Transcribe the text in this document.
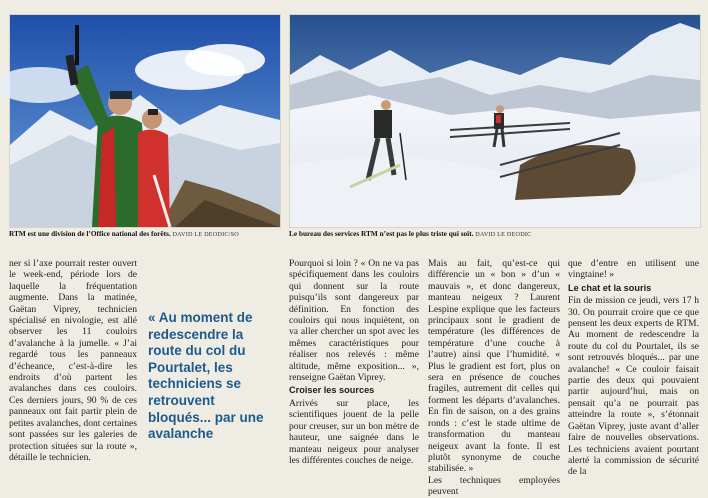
RTM est une division de l’Office national des forêts. DAVID LE DEODIC/SO	Le bureau des services RTM n’est pas le plus triste qui soit. DAVID LE DEODIC

ner si l’axe pourrait rester ouvert le week-end, période lors de laquelle la fréquentation augmente. Dans la matinée, Gaëtan Viprey, technicien spécialisé en nivologie, est allé observer les 11 couloirs d’avalanche à la jumelle. « J’ai regardé tous les panneaux d’écheance, c’est-à-dire les endroits d’où partent les avalanches dans ces couloirs. Ces derniers jours, 90 % de ces panneaux ont fait partir plein de petites avalanches, dont certaines sont passées sur les galeries de protection situées sur la route », détaille le technicien.

« Au moment de redescendre la route du col du Pourtalet, les techniciens se retrouvent bloqués... par une avalanche

Pourquoi si loin ? « On ne va pas spécifiquement dans les couloirs qui donnent sur la route puisqu’ils sont dangereux par définition. En fonction des couloirs qui nous inquiètent, on va aller chercher un spot avec les mêmes caractéristiques pour réaliser nos relevés : même altitude, même exposition... », renseigne Gaëtan Viprey.

Croiser les sources

Arrivés sur place, les scientifiques jouent de la pelle pour creuser, sur un bon mètre de hauteur, une saignée dans le manteau neigeux pour analyser les différentes couches de neige.

Mais au fait, qu’est-ce qui différencie un « bon » d’un « mauvais », et donc dangereux, manteau neigeux ? Laurent Lespine explique que les facteurs principaux sont le gradient de température (les différences de température d’une couche à l’autre) ainsi que l’humidité. « Plus le gradient est fort, plus on sera en présence de couches fragiles, autrement dit celles qui forment les départs d’avalanches. En fin de saison, on a des grains ronds : c’est le stade ultime de transformation du manteau neigeux avant la fonte. Il est plutôt synonyme de couche stabilisée. »

Les techniques employées peuvent

que d’entre en utilisent une vingtaine! »

Le chat et la souris

Fin de mission ce jeudi, vers 17 h 30. On pourrait croire que ce que pensent les deux experts de RTM. Au moment de redescendre la route du col du Pourtalet, ils se sont retrouvés bloqués... par une avalanche! « Ce couloir faisait partie des deux qui pouvaient partir aujourd’hui, mais on pensait qu’a ne pourrait pas atteindre la route », s’étonnait Gaëtan Viprey, juste avant d’aller faire de nouvelles observations. Les techniciens avaient pourtant alerté la commission de sécurité de la
